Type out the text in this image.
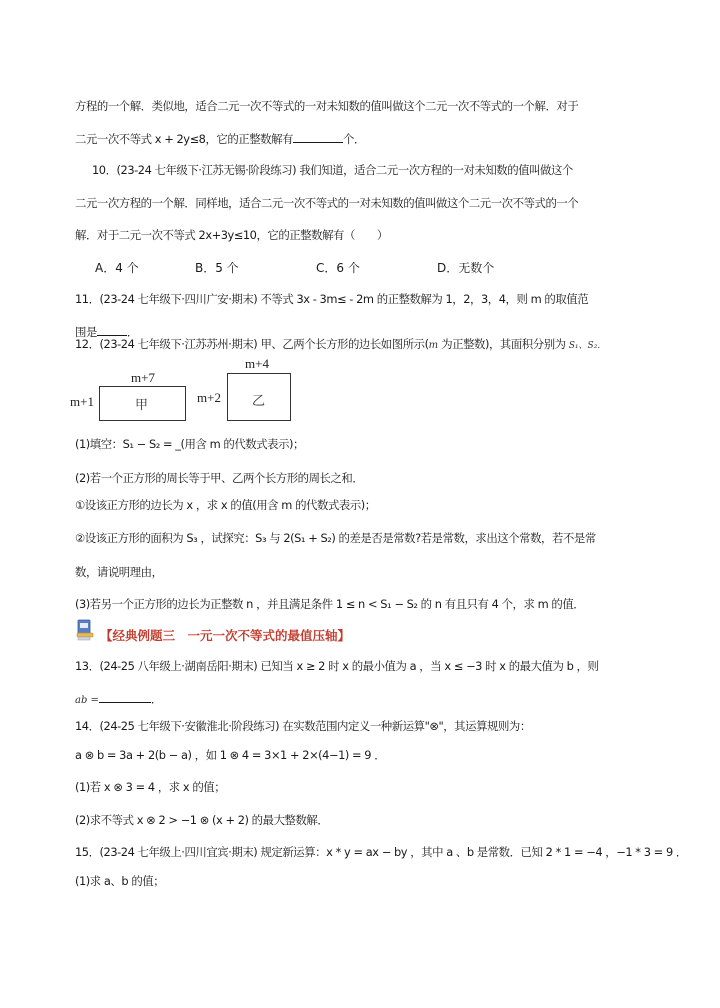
方程的一个解．类似地，适合二元一次不等式的一对未知数的值叫做这个二元一次不等式的一个解．对于
二元一次不等式 x + 2y≤8，它的正整数解有	个．
10．(23-24 七年级下·江苏无锡·阶段练习) 我们知道，适合二元一次方程的一对未知数的值叫做这个
二元一次方程的一个解．同样地，适合二元一次不等式的一对未知数的值叫做这个二元一次不等式的一个
解．对于二元一次不等式 2x+3y≤10，它的正整数解有（　　）
A．4 个	B．5 个	C．6 个	D．无数个
11．(23-24 七年级下·四川广安·期末) 不等式 3x - 3m≤ - 2m 的正整数解为 1，2，3，4，则 m 的取值范
围是	．
12．(23-24 七年级下·江苏苏州·期末) 甲、乙两个长方形的边长如图所示(m 为正整数)，其面积分别为 S₁、S₂．
m+7
m+1	甲
m+4
m+2 乙
(1)填空：S₁ − S₂ = _(用含 m 的代数式表示)；
(2)若一个正方形的周长等于甲、乙两个长方形的周长之和．
①设该正方形的边长为 x ，求 x 的值(用含 m 的代数式表示)；
②设该正方形的面积为 S₃ ，试探究：S₃ 与 2(S₁ + S₂) 的差是否是常数?若是常数，求出这个常数，若不是常
数，请说明理由，
(3)若另一个正方形的边长为正整数 n ，并且满足条件 1 ≤ n < S₁ − S₂ 的 n 有且只有 4 个，求 m 的值．
【经典例题三　一元一次不等式的最值压轴】
13．(24-25 八年级上·湖南岳阳·期末) 已知当 x ≥ 2 时 x 的最小值为 a ，当 x ≤ −3 时 x 的最大值为 b ，则
ab =	．
14．(24-25 七年级下·安徽淮北·阶段练习) 在实数范围内定义一种新运算"⊗"，其运算规则为：
a ⊗ b = 3a + 2(b − a) ，如 1 ⊗ 4 = 3×1 + 2×(4−1) = 9 ．
(1)若 x ⊗ 3 = 4 ，求 x 的值；
(2)求不等式 x ⊗ 2 > −1 ⊗ (x + 2) 的最大整数解．
15．(23-24 七年级上·四川宜宾·期末) 规定新运算：x * y = ax − by ，其中 a 、b 是常数．已知 2 * 1 = −4 ，−1 * 3 = 9 ．
(1)求 a、b 的值；
